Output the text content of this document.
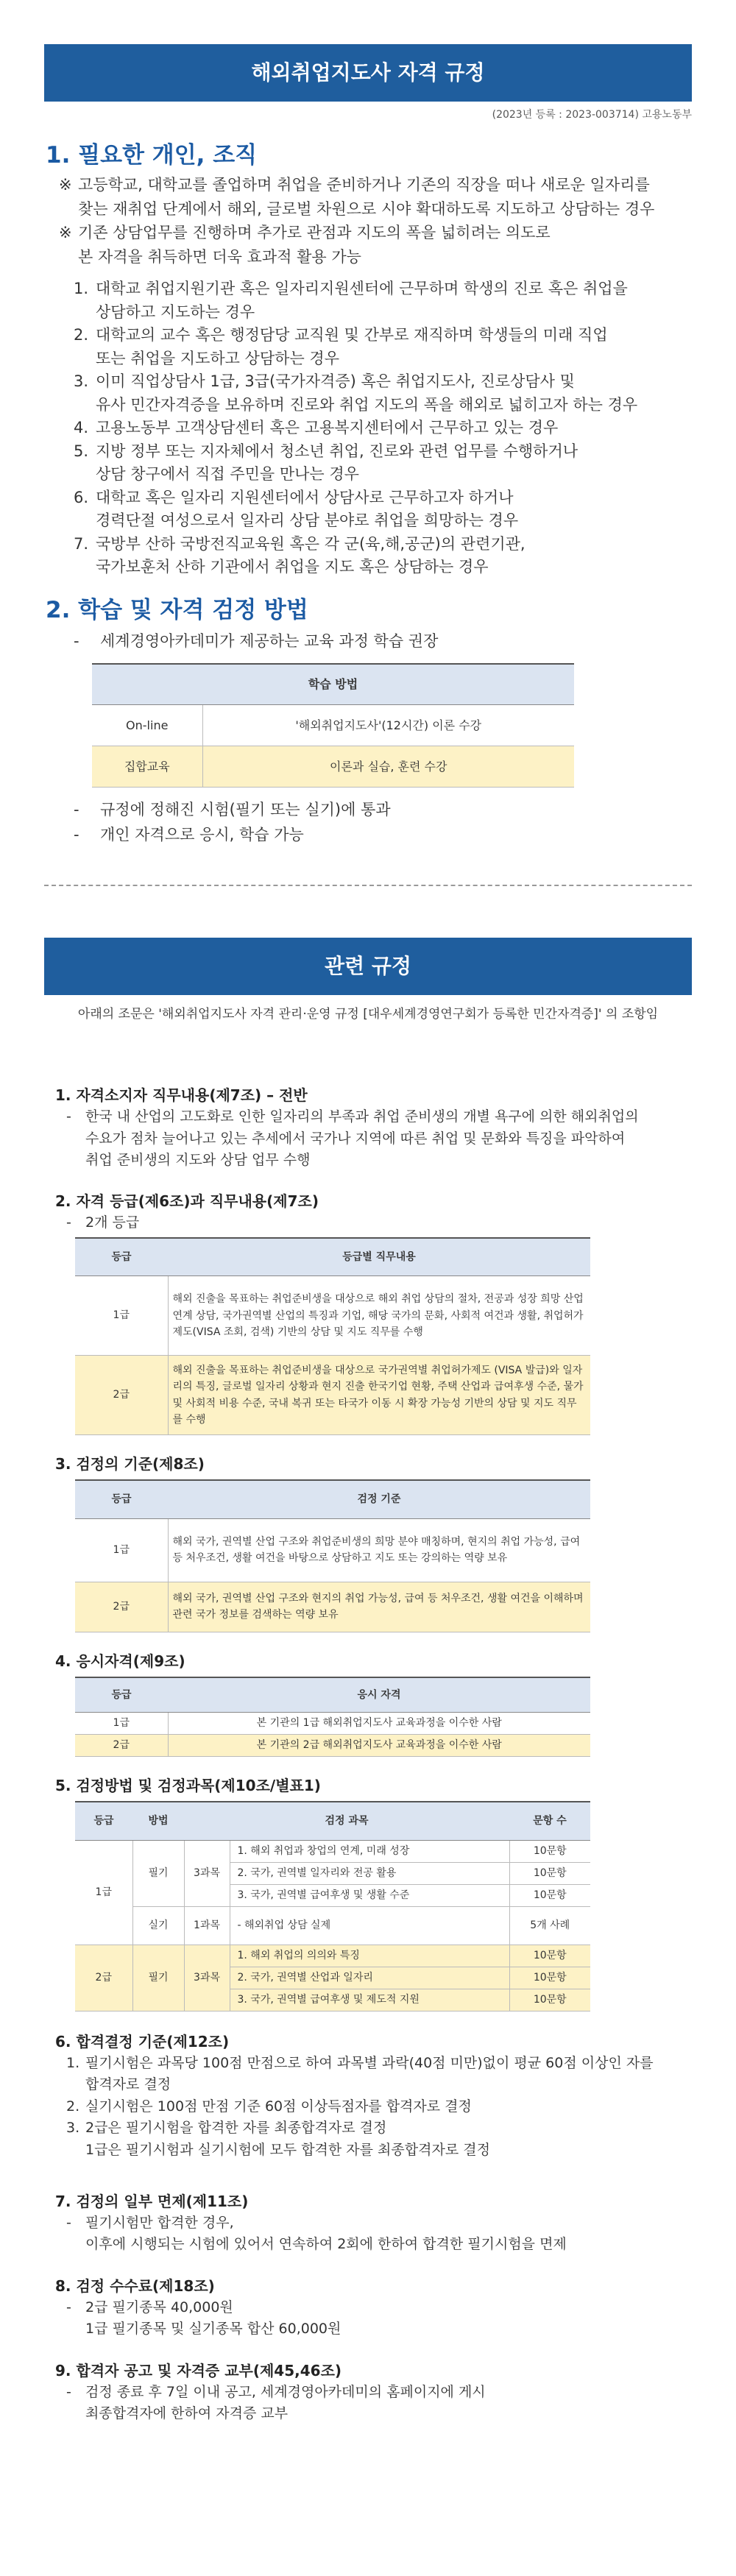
해외취업지도사 자격 규정
(2023년 등록 : 2023-003714) 고용노동부
1. 필요한 개인, 조직
※ 고등학교, 대학교를 졸업하며 취업을 준비하거나 기존의 직장을 떠나 새로운 일자리를
찾는 재취업 단계에서 해외, 글로벌 차원으로 시야 확대하도록 지도하고 상담하는 경우
※ 기존 상담업무를 진행하며 추가로 관점과 지도의 폭을 넓히려는 의도로
본 자격을 취득하면 더욱 효과적 활용 가능
1. 대학교 취업지원기관 혹은 일자리지원센터에 근무하며 학생의 진로 혹은 취업을
상담하고 지도하는 경우
2. 대학교의 교수 혹은 행정담당 교직원 및 간부로 재직하며 학생들의 미래 직업
또는 취업을 지도하고 상담하는 경우
3. 이미 직업상담사 1급, 3급(국가자격증) 혹은 취업지도사, 진로상담사 및
유사 민간자격증을 보유하며 진로와 취업 지도의 폭을 해외로 넓히고자 하는 경우
4. 고용노동부 고객상담센터 혹은 고용복지센터에서 근무하고 있는 경우
5. 지방 정부 또는 지자체에서 청소년 취업, 진로와 관련 업무를 수행하거나
상담 창구에서 직접 주민을 만나는 경우
6. 대학교 혹은 일자리 지원센터에서 상담사로 근무하고자 하거나
경력단절 여성으로서 일자리 상담 분야로 취업을 희망하는 경우
7. 국방부 산하 국방전직교육원 혹은 각 군(육,해,공군)의 관련기관,
국가보훈처 산하 기관에서 취업을 지도 혹은 상담하는 경우
2. 학습 및 자격 검정 방법
-	세계경영아카데미가 제공하는 교육 과정 학습 권장
학습 방법	
On-line	'해외취업지도사'(12시간) 이론 수강
집합교육	이론과 실습, 훈련 수강
-	규정에 정해진 시험(필기 또는 실기)에 통과
-	개인 자격으로 응시, 학습 가능
관련 규정
아래의 조문은 '해외취업지도사 자격 관리·운영 규정 [대우세계경영연구회가 등록한 민간자격증]' 의 조항임
1. 자격소지자 직무내용(제7조) – 전반
-	한국 내 산업의 고도화로 인한 일자리의 부족과 취업 준비생의 개별 욕구에 의한 해외취업의
수요가 점차 늘어나고 있는 추세에서 국가나 지역에 따른 취업 및 문화와 특징을 파악하여
취업 준비생의 지도와 상담 업무 수행
2. 자격 등급(제6조)과 직무내용(제7조)
-	2개 등급
등급	등급별 직무내용
1급	해외 진출을 목표하는 취업준비생을 대상으로 해외 취업 상담의 절차, 전공과 성장 희망 산업 연계 상담, 국가권역별 산업의 특징과 기업, 해당 국가의 문화, 사회적 여건과 생활, 취업허가제도(VISA 조회, 검색) 기반의 상담 및 지도 직무를 수행
2급	해외 진출을 목표하는 취업준비생을 대상으로 국가권역별 취업허가제도 (VISA 발급)와 일자리의 특징, 글로벌 일자리 상황과 현지 진출 한국기업 현황, 주택 산업과 급여후생 수준, 물가 및 사회적 비용 수준, 국내 복귀 또는 타국가 이동 시 확장 가능성 기반의 상담 및 지도 직무를 수행
3. 검정의 기준(제8조)
등급	검정 기준
1급	해외 국가, 권역별 산업 구조와 취업준비생의 희망 분야 매칭하며, 현지의 취업 가능성, 급여 등 처우조건, 생활 여건을 바탕으로 상담하고 지도 또는 강의하는 역량 보유
2급	해외 국가, 권역별 산업 구조와 현지의 취업 가능성, 급여 등 처우조건, 생활 여건을 이해하며 관련 국가 정보를 검색하는 역량 보유
4. 응시자격(제9조)
등급	응시 자격
1급	본 기관의 1급 해외취업지도사 교육과정을 이수한 사람
2급	본 기관의 2급 해외취업지도사 교육과정을 이수한 사람
5. 검정방법 및 검정과목(제10조/별표1)
등급	방법	검정 과목		문항 수
1급	필기	3과목	1. 해외 취업과 창업의 연계, 미래 성장	10문항
			2. 국가, 권역별 일자리와 전공 활용	10문항
			3. 국가, 권역별 급여후생 및 생활 수준	10문항
	실기	1과목	- 해외취업 상담 실제	5개 사례
2급	필기	3과목	1. 해외 취업의 의의와 특징	10문항
			2. 국가, 권역별 산업과 일자리	10문항
			3. 국가, 권역별 급여후생 및 제도적 지원	10문항
6. 합격결정 기준(제12조)
1. 필기시험은 과목당 100점 만점으로 하여 과목별 과락(40점 미만)없이 평균 60점 이상인 자를
합격자로 결정
2. 실기시험은 100점 만점 기준 60점 이상득점자를 합격자로 결정
3. 2급은 필기시험을 합격한 자를 최종합격자로 결정
1급은 필기시험과 실기시험에 모두 합격한 자를 최종합격자로 결정
7. 검정의 일부 면제(제11조)
-	필기시험만 합격한 경우,
이후에 시행되는 시험에 있어서 연속하여 2회에 한하여 합격한 필기시험을 면제
8. 검정 수수료(제18조)
-	2급 필기종목 40,000원
1급 필기종목 및 실기종목 합산 60,000원
9. 합격자 공고 및 자격증 교부(제45,46조)
-	검정 종료 후 7일 이내 공고, 세계경영아카데미의 홈페이지에 게시
최종합격자에 한하여 자격증 교부
